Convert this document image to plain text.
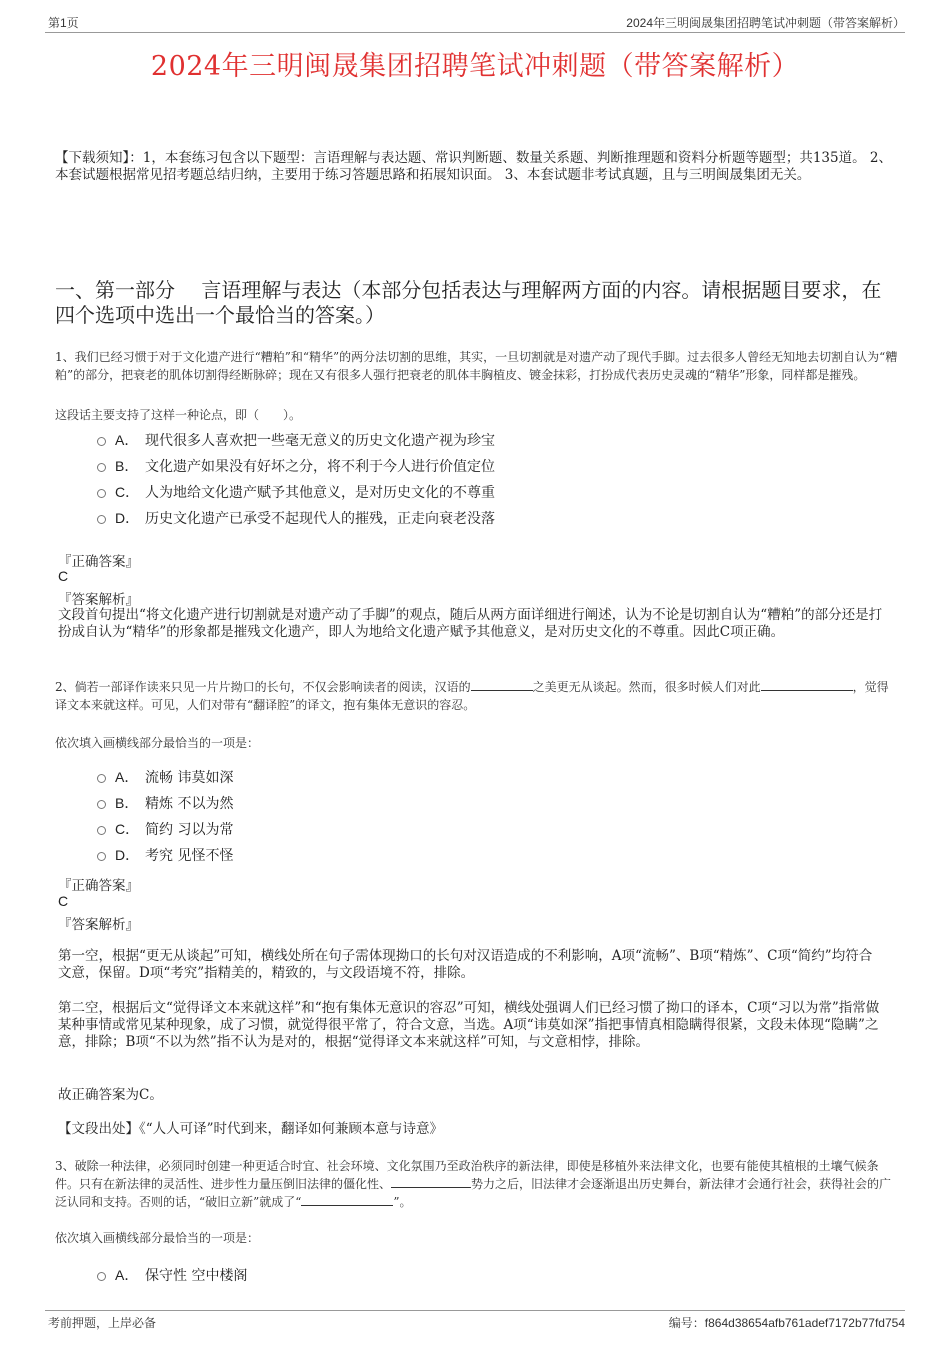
第1页	2024年三明闽晟集团招聘笔试冲刺题（带答案解析）
2024年三明闽晟集团招聘笔试冲刺题（带答案解析）
【下载须知】：1，本套练习包含以下题型：言语理解与表达题、常识判断题、数量关系题、判断推理题和资料分析题等题型；共135道。 2、本套试题根据常见招考题总结归纳，主要用于练习答题思路和拓展知识面。 3、本套试题非考试真题，且与三明闽晟集团无关。
一、第一部分　 言语理解与表达（本部分包括表达与理解两方面的内容。请根据题目要求，在四个选项中选出一个最恰当的答案。）
1、我们已经习惯于对于文化遗产进行“糟粕”和“精华”的两分法切割的思维，其实，一旦切割就是对遗产动了现代手脚。过去很多人曾经无知地去切割自认为“糟粕”的部分，把衰老的肌体切割得经断脉碎；现在又有很多人强行把衰老的肌体丰胸植皮、镀金抹彩，打扮成代表历史灵魂的“精华”形象，同样都是摧残。
这段话主要支持了这样一种论点，即（　　）。
A． 现代很多人喜欢把一些毫无意义的历史文化遗产视为珍宝
B． 文化遗产如果没有好坏之分，将不利于今人进行价值定位
C． 人为地给文化遗产赋予其他意义，是对历史文化的不尊重
D． 历史文化遗产已承受不起现代人的摧残，正走向衰老没落
『正确答案』
C
『答案解析』
文段首句提出“将文化遗产进行切割就是对遗产动了手脚”的观点，随后从两方面详细进行阐述，认为不论是切割自认为“糟粕”的部分还是打扮成自认为“精华”的形象都是摧残文化遗产，即人为地给文化遗产赋予其他意义，是对历史文化的不尊重。因此C项正确。
2、倘若一部译作读来只见一片片拗口的长句，不仅会影响读者的阅读，汉语的	之美更无从谈起。然而，很多时候人们对此	，觉得译文本来就这样。可见，人们对带有“翻译腔”的译文，抱有集体无意识的容忍。
依次填入画横线部分最恰当的一项是：
A． 流畅 讳莫如深
B． 精炼 不以为然
C． 简约 习以为常
D． 考究 见怪不怪
『正确答案』
C
『答案解析』
第一空，根据“更无从谈起”可知，横线处所在句子需体现拗口的长句对汉语造成的不利影响，A项“流畅”、B项“精炼”、C项“简约”均符合文意，保留。D项“考究”指精美的，精致的，与文段语境不符，排除。
第二空，根据后文“觉得译文本来就这样”和“抱有集体无意识的容忍”可知，横线处强调人们已经习惯了拗口的译本，C项“习以为常”指常做某种事情或常见某种现象，成了习惯，就觉得很平常了，符合文意，当选。A项“讳莫如深”指把事情真相隐瞒得很紧，文段未体现“隐瞒”之意，排除；B项“不以为然”指不认为是对的，根据“觉得译文本来就这样”可知，与文意相悖，排除。
故正确答案为C。
【文段出处】《“人人可译”时代到来，翻译如何兼顾本意与诗意》
3、破除一种法律，必须同时创建一种更适合时宜、社会环境、文化氛围乃至政治秩序的新法律，即使是移植外来法律文化，也要有能使其植根的土壤气候条件。只有在新法律的灵活性、进步性力量压倒旧法律的僵化性、	势力之后，旧法律才会逐渐退出历史舞台，新法律才会通行社会，获得社会的广泛认同和支持。否则的话，“破旧立新”就成了“	”。
依次填入画横线部分最恰当的一项是：
A． 保守性 空中楼阁
考前押题，上岸必备	编号：f864d38654afb761adef7172b77fd754
